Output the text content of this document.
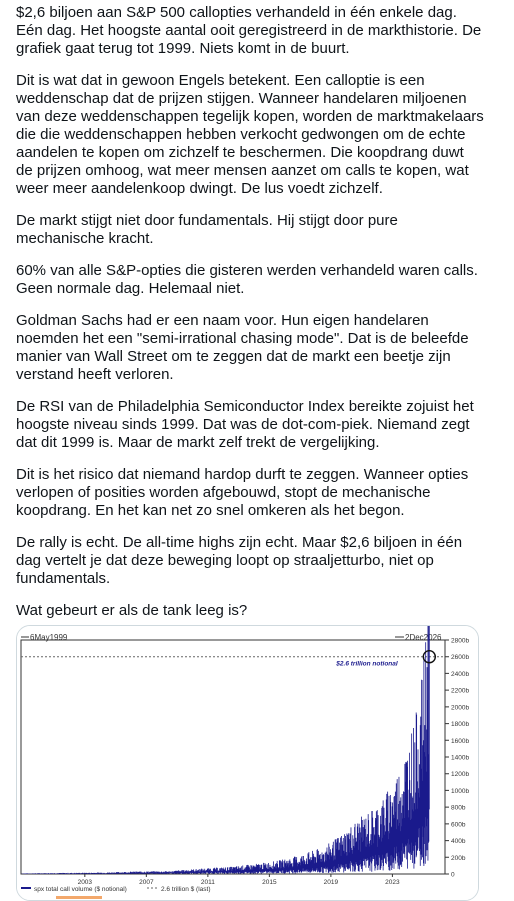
$2,6 biljoen aan S&P 500 callopties verhandeld in één enkele dag. Eén dag. Het hoogste aantal ooit geregistreerd in de markthistorie. De grafiek gaat terug tot 1999. Niets komt in de buurt.

Dit is wat dat in gewoon Engels betekent. Een calloptie is een weddenschap dat de prijzen stijgen. Wanneer handelaren miljoenen van deze weddenschappen tegelijk kopen, worden de marktmakelaars die die weddenschappen hebben verkocht gedwongen om de echte aandelen te kopen om zichzelf te beschermen. Die koopdrang duwt de prijzen omhoog, wat meer mensen aanzet om calls te kopen, wat weer meer aandelenkoop dwingt. De lus voedt zichzelf.

De markt stijgt niet door fundamentals. Hij stijgt door pure mechanische kracht.

60% van alle S&P-opties die gisteren werden verhandeld waren calls. Geen normale dag. Helemaal niet.

Goldman Sachs had er een naam voor. Hun eigen handelaren noemden het een "semi-irrational chasing mode". Dat is de beleefde manier van Wall Street om te zeggen dat de markt een beetje zijn verstand heeft verloren.

De RSI van de Philadelphia Semiconductor Index bereikte zojuist het hoogste niveau sinds 1999. Dat was de dot-com-piek. Niemand zegt dat dit 1999 is. Maar de markt zelf trekt de vergelijking.

Dit is het risico dat niemand hardop durft te zeggen. Wanneer opties verlopen of posities worden afgebouwd, stopt de mechanische koopdrang. En het kan net zo snel omkeren als het begon.

De rally is echt. De all-time highs zijn echt. Maar $2,6 biljoen in één dag vertelt je dat deze beweging loopt op straaljetturbo, niet op fundamentals.

Wat gebeurt er als de tank leeg is?

6May1999	2Dec2026
0
200b
400b
600b
800b
1000b
1200b
1400b
1600b
1800b
2000b
2200b
2400b
2600b
2800b
2003	2007	2011	2015	2019	2023
$2.6 trillion notional
spx total call volume ($ notional)	2.6 trillion $ (last)
